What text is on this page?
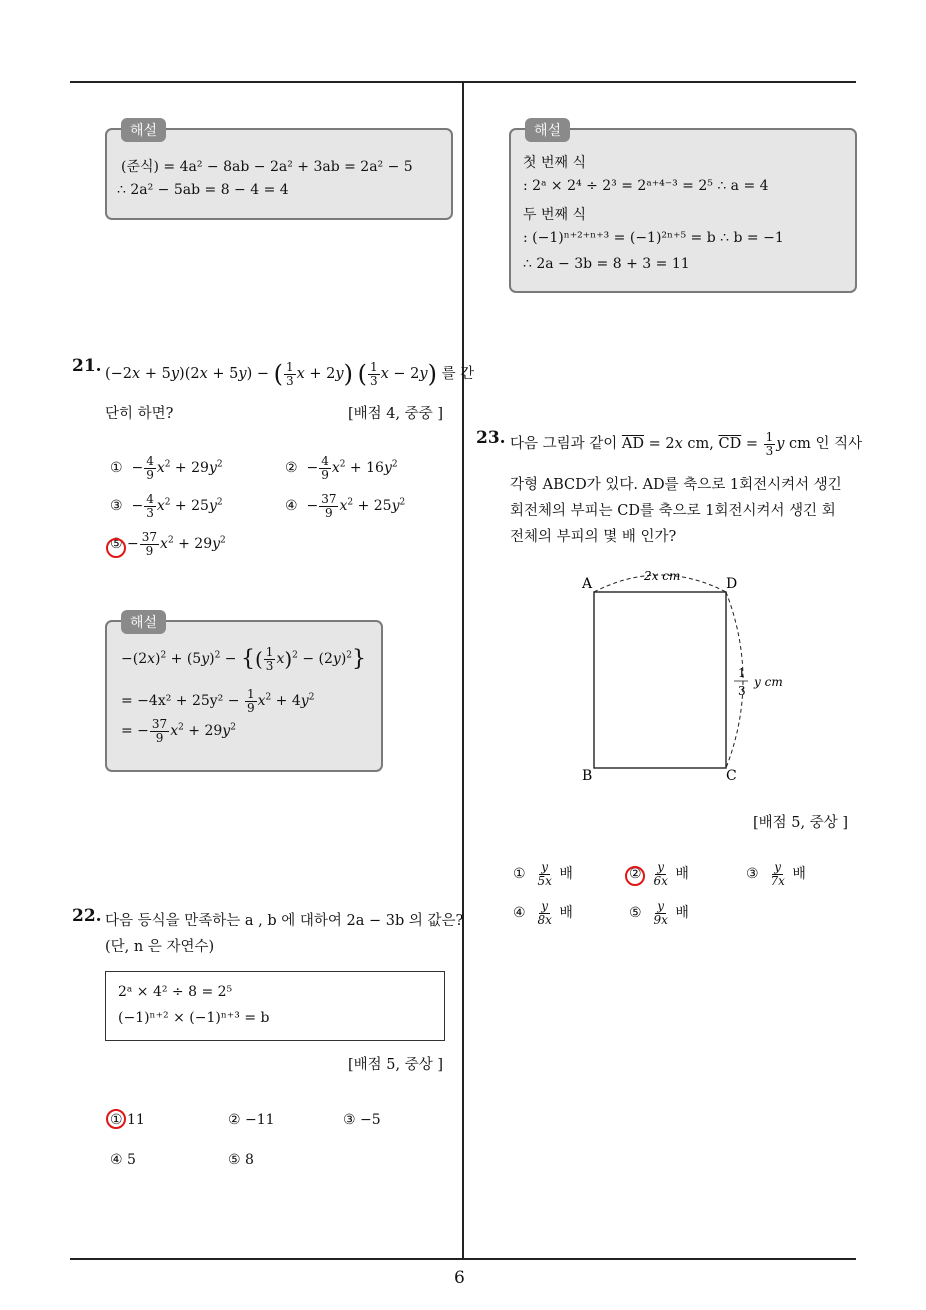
6
해설
(준식) = 4a² − 8ab − 2a² + 3ab = 2a² − 5
∴ 2a² − 5ab = 8 − 4 = 4
21. (−2x + 5y)(2x + 5y) − ( $\frac{1}{3}$ x + 2y) ( $\frac{1}{3}$ x − 2y) 를 간
단히 하면?	[배점 4, 중중 ]
①  − $\frac{4}{9} x^2 + 29y^2$	②  − $\frac{4}{9} x^2 + 16y^2$
③  − $\frac{4}{3} x^2 + 25y^2$	④  − $\frac{37}{9} x^2 + 25y^2$
⑤ − $\frac{37}{9} x^2 + 29y^2$
해설
$-(2x)^2 + (5y)^2$ − {( $\frac{1}{3} x)^2 - (2y)^2$}
= $-4x^2 + 25y^2 - \frac{1}{9} x^2 + 4y^2$
= − $\frac{37}{9} x^2 + 29y^2$
22. 다음 등식을 만족하는 a , b 에 대하여 2a − 3b 의 값은?
(단, n 은 자연수)
2ᵃ × 4² ÷ 8 = 2⁵
(−1)ⁿ⁺² × (−1)ⁿ⁺³ = b
[배점 5, 중상 ]
① 11	② −11	③ −5
④ 5	⑤ 8
해설
첫 번째 식
: 2ᵃ × 2⁴ ÷ 2³ = 2ᵃ⁺⁴⁻³ = 2⁵ ∴ a = 4
두 번째 식
: (−1)ⁿ⁺²⁺ⁿ⁺³ = (−1)²ⁿ⁺⁵ = b ∴ b = −1
∴ 2a − 3b = 8 + 3 = 11
23. 다음 그림과 같이 $\overline{AD} = 2x$ cm, $\overline{CD} = \frac{1}{3}$ y cm 인 직사
각형 ABCD가 있다. AD를 축으로 1회전시켜서 생긴
회전체의 부피는 CD를 축으로 1회전시켜서 생긴 회
전체의 부피의 몇 배 인가?
A	D
B	C
2x cm
1
3
y cm
[배점 5, 중상 ]
① $\frac{y}{5x}$ 배	② $\frac{y}{6x}$ 배	③ $\frac{y}{7x}$ 배
④ $\frac{y}{8x}$ 배	⑤ $\frac{y}{9x}$ 배
